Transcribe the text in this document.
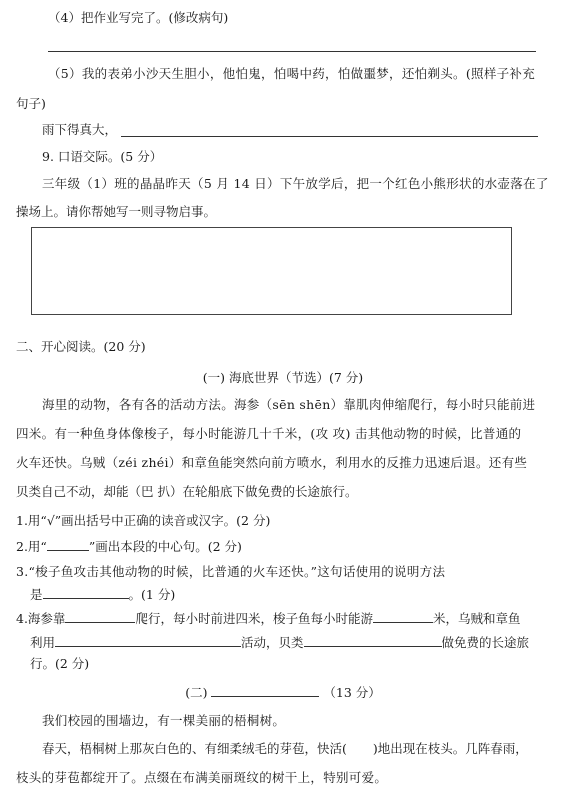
（4）把作业写完了。(修改病句)
（5）我的表弟小沙天生胆小，他怕鬼，怕喝中药，怕做噩梦，还怕剃头。(照样子补充
句子)
雨下得真大，
9. 口语交际。(5 分）
三年级（1）班的晶晶昨天（5 月 14 日）下午放学后，把一个红色小熊形状的水壶落在了
操场上。请你帮她写一则寻物启事。
二、开心阅读。(20 分)
(一) 海底世界（节选）(7 分)
海里的动物，各有各的活动方法。海参（sēn shēn）靠肌肉伸缩爬行，每小时只能前进
四米。有一种鱼身体像梭子，每小时能游几十千米，(攻 攻) 击其他动物的时候，比普通的
火车还快。乌贼（zéi zhéi）和章鱼能突然向前方喷水，利用水的反推力迅速后退。还有些
贝类自己不动，却能（巴 扒）在轮船底下做免费的长途旅行。
1.用“√”画出括号中正确的读音或汉字。(2 分)
2.用“	”画出本段的中心句。(2 分)
3.“梭子鱼攻击其他动物的时候，比普通的火车还快。”这句话使用的说明方法
是	。(1 分)
4.海参靠	爬行，每小时前进四米，梭子鱼每小时能游	米，乌贼和章鱼
利用	活动，贝类	做免费的长途旅
行。(2 分)
(二)	（13 分）
我们校园的围墙边，有一棵美丽的梧桐树。
春天，梧桐树上那灰白色的、有细柔绒毛的芽苞，快活( )地出现在枝头。几阵春雨，
枝头的芽苞都绽开了。点缀在布满美丽斑纹的树干上，特别可爱。
